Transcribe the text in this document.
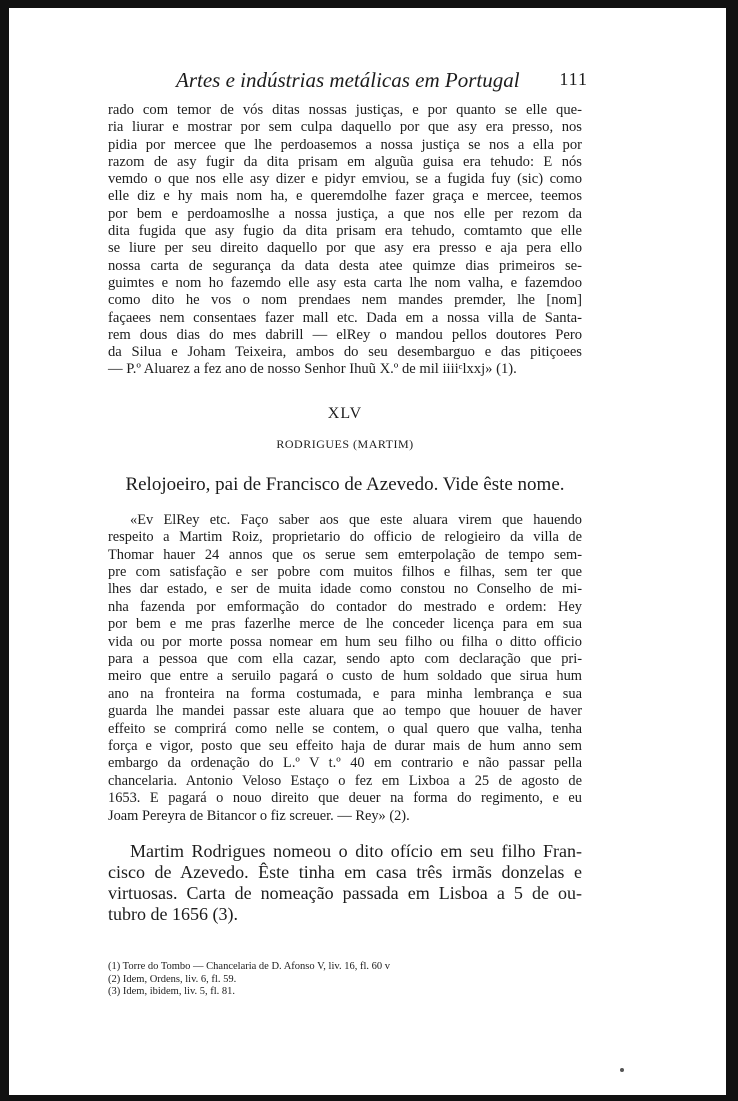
Artes e indústrias metálicas em Portugal 111
rado com temor de vós ditas nossas justiças, e por quanto se elle que-
ria liurar e mostrar por sem culpa daquello por que asy era presso, nos
pidia por mercee que lhe perdoasemos a nossa justiça se nos a ella por
razom de asy fugir da dita prisam em alguũa guisa era tehudo: E nós
vemdo o que nos elle asy dizer e pidyr emviou, se a fugida fuy (sic) como
elle diz e hy mais nom ha, e queremdolhe fazer graça e mercee, teemos
por bem e perdoamoslhe a nossa justiça, a que nos elle per rezom da
dita fugida que asy fugio da dita prisam era tehudo, comtamto que elle
se liure per seu direito daquello por que asy era presso e aja pera ello
nossa carta de segurança da data desta atee quimze dias primeiros se-
guimtes e nom ho fazemdo elle asy esta carta lhe nom valha, e fazemdoo
como dito he vos o nom prendaes nem mandes premder, lhe [nom]
façaees nem consentaes fazer mall etc. Dada em a nossa villa de Santa-
rem dous dias do mes dabrill — elRey o mandou pellos doutores Pero
da Silua e Joham Teixeira, ambos do seu desembarguo e das pitiçoees
— P.º Aluarez a fez ano de nosso Senhor Ihuũ X.º de mil iiiiᶜlxxj» (1).
XLV
RODRIGUES (MARTIM)
Relojoeiro, pai de Francisco de Azevedo. Vide êste nome.
«Ev ElRey etc. Faço saber aos que este aluara virem que hauendo
respeito a Martim Roiz, proprietario do officio de relogieiro da villa de
Thomar hauer 24 annos que os serue sem emterpolação de tempo sem-
pre com satisfação e ser pobre com muitos filhos e filhas, sem ter que
lhes dar estado, e ser de muita idade como constou no Conselho de mi-
nha fazenda por emformação do contador do mestrado e ordem: Hey
por bem e me pras fazerlhe merce de lhe conceder licença para em sua
vida ou por morte possa nomear em hum seu filho ou filha o ditto officio
para a pessoa que com ella cazar, sendo apto com declaração que pri-
meiro que entre a seruilo pagará o custo de hum soldado que sirua hum
ano na fronteira na forma costumada, e para minha lembrança e sua
guarda lhe mandei passar este aluara que ao tempo que houuer de haver
effeito se comprirá como nelle se contem, o qual quero que valha, tenha
força e vigor, posto que seu effeito haja de durar mais de hum anno sem
embargo da ordenação do L.º V t.º 40 em contrario e não passar pella
chancelaria. Antonio Veloso Estaço o fez em Lixboa a 25 de agosto de
1653. E pagará o nouo direito que deuer na forma do regimento, e eu
Joam Pereyra de Bitancor o fiz screuer. — Rey» (2).
Martim Rodrigues nomeou o dito ofício em seu filho Fran-
cisco de Azevedo. Êste tinha em casa três irmãs donzelas e
virtuosas. Carta de nomeação passada em Lisboa a 5 de ou-
tubro de 1656 (3).
(1) Torre do Tombo — Chancelaria de D. Afonso V, liv. 16, fl. 60 v
(2) Idem, Ordens, liv. 6, fl. 59.
(3) Idem, ibidem, liv. 5, fl. 81.
